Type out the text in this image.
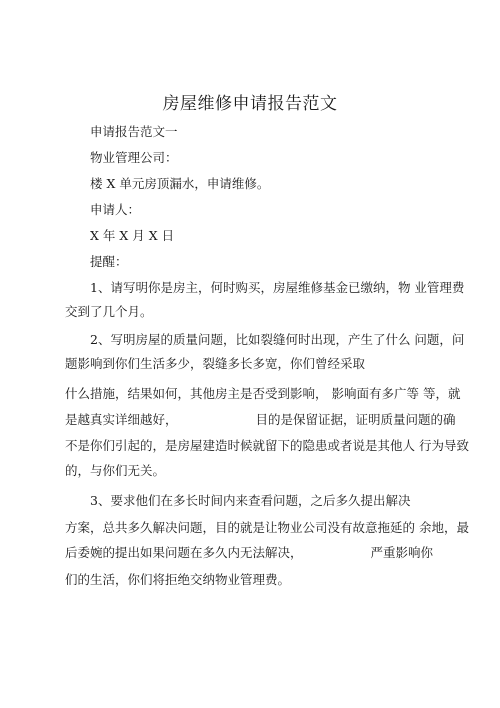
房屋维修申请报告范文
申请报告范文一
物业管理公司：
楼 X 单元房顶漏水，申请维修。
申请人：
X 年 X 月 X 日
提醒：
1、请写明你是房主，何时购买，房屋维修基金已缴纳，物 业管理费
交到了几个月。
2、写明房屋的质量问题，比如裂缝何时出现，产生了什么 问题，问
题影响到你们生活多少，裂缝多长多宽，你们曾经采取
什么措施，结果如何，其他房主是否受到影响， 影响面有多广等 等，就
是越真实详细越好，	目的是保留证据，证明质量问题的确
不是你们引起的，是房屋建造时候就留下的隐患或者说是其他人 行为导致
的，与你们无关。
3、要求他们在多长时间内来查看问题，之后多久提出解决
方案，总共多久解决问题，目的就是让物业公司没有故意拖延的 余地，最
后委婉的提出如果问题在多久内无法解决，	严重影响你
们的生活，你们将拒绝交纳物业管理费。
